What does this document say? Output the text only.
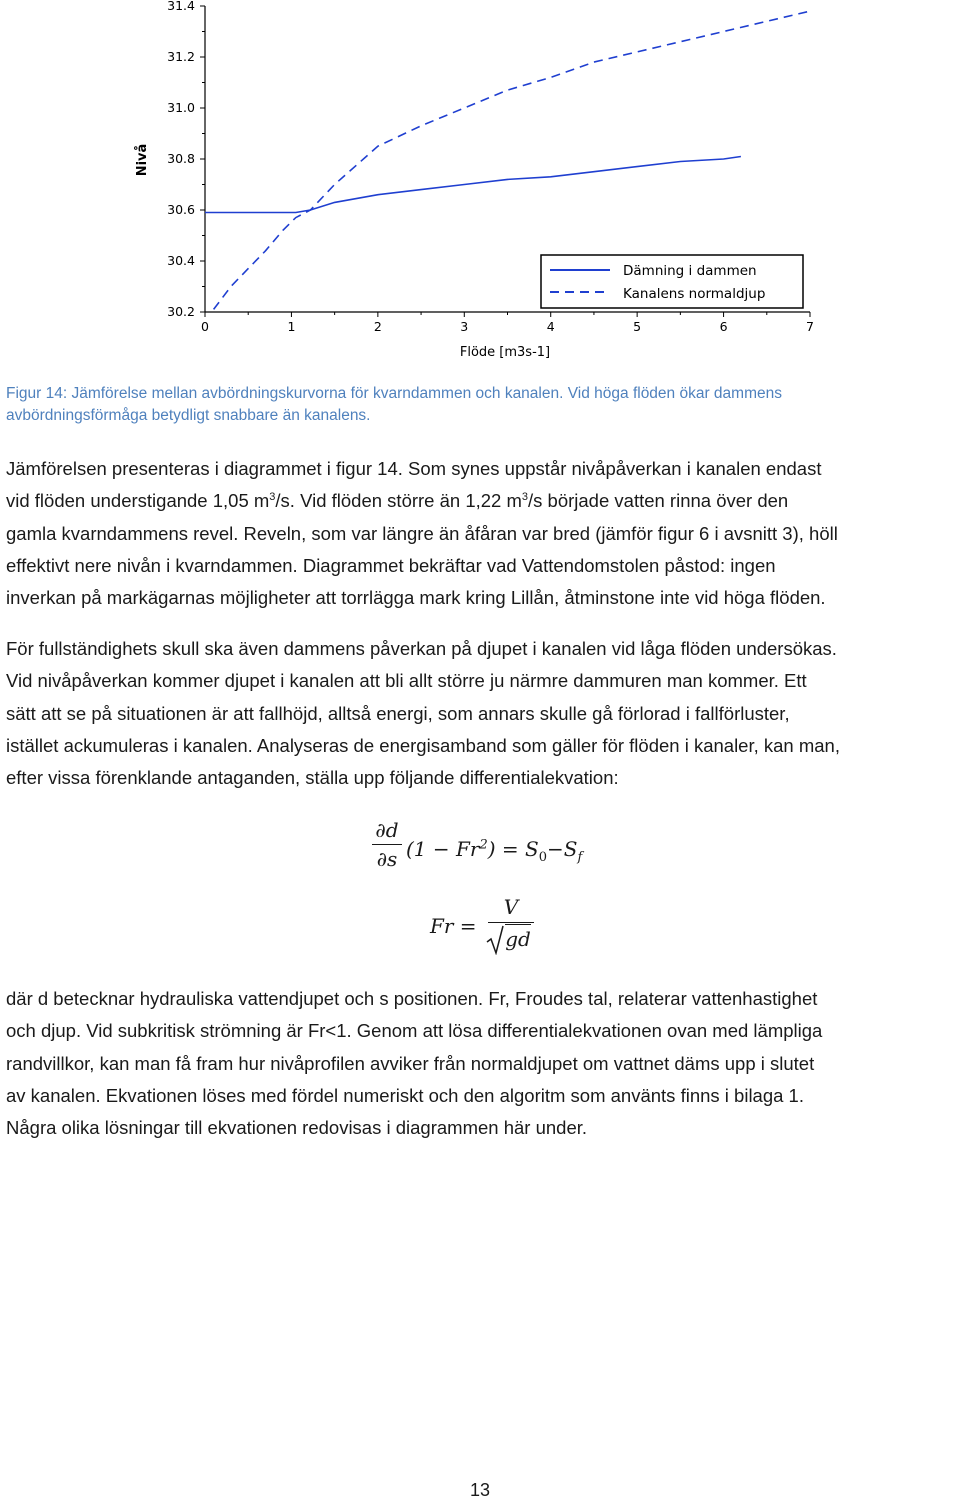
30.2
30.4
30.6
30.8
31.0
31.2
31.4
0	1	2	3	4	5	6	7
Dämning i dammen
Kanalens normaldjup
Flöde [m3s-1]
Nivå
Figur 14: Jämförelse mellan avbördningskurvorna för kvarndammen och kanalen. Vid höga flöden ökar dammens
avbördningsförmåga betydligt snabbare än kanalens.
Jämförelsen presenteras i diagrammet i figur 14. Som synes uppstår nivåpåverkan i kanalen endast
vid flöden understigande 1,05 $m^3/s$. Vid flöden större än 1,22 $m^3/s$ började vatten rinna över den
gamla kvarndammens revel. Reveln, som var längre än åfåran var bred (jämför figur 6 i avsnitt 3), höll
effektivt nere nivån i kvarndammen. Diagrammet bekräftar vad Vattendomstolen påstod: ingen
inverkan på markägarnas möjligheter att torrlägga mark kring Lillån, åtminstone inte vid höga flöden.
För fullständighets skull ska även dammens påverkan på djupet i kanalen vid låga flöden undersökas.
Vid nivåpåverkan kommer djupet i kanalen att bli allt större ju närmre dammuren man kommer. Ett
sätt att se på situationen är att fallhöjd, alltså energi, som annars skulle gå förlorad i fallförluster,
istället ackumuleras i kanalen. Analyseras de energisamband som gäller för flöden i kanaler, kan man,
efter vissa förenklande antaganden, ställa upp följande differentialekvation:
$\frac{\partial d}{\partial s} (1 - Fr^2) = S_0-S_f$
$Fr = \frac{V}{gd}$
där d betecknar hydrauliska vattendjupet och s positionen. Fr, Froudes tal, relaterar vattenhastighet
och djup. Vid subkritisk strömning är Fr<1. Genom att lösa differentialekvationen ovan med lämpliga
randvillkor, kan man få fram hur nivåprofilen avviker från normaldjupet om vattnet däms upp i slutet
av kanalen. Ekvationen löses med fördel numeriskt och den algoritm som använts finns i bilaga 1.
Några olika lösningar till ekvationen redovisas i diagrammen här under.
13
